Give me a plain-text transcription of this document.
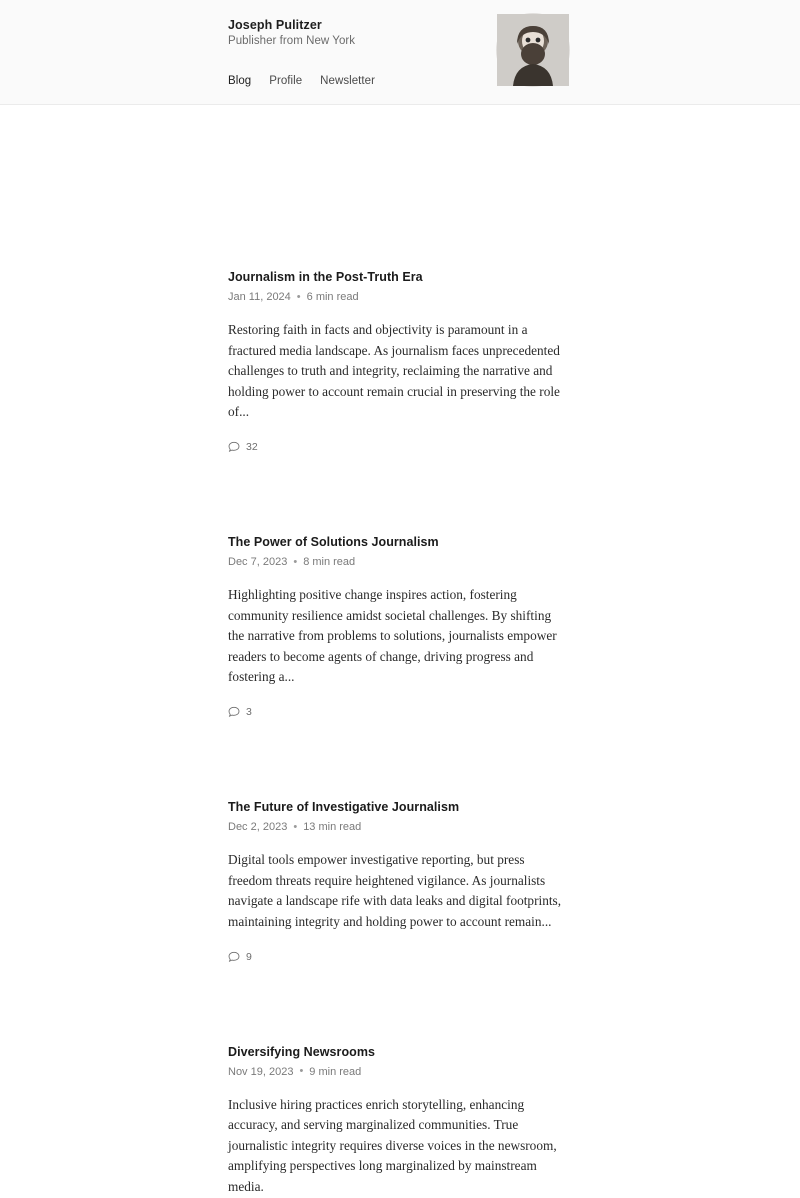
Joseph Pulitzer
Publisher from New York
Blog Profile Newsletter
Journalism in the Post-Truth Era
Jan 11, 2024 • 6 min read
Restoring faith in facts and objectivity is paramount in a fractured media landscape. As journalism faces unprecedented challenges to truth and integrity, reclaiming the narrative and holding power to account remain crucial in preserving the role of...
32
The Power of Solutions Journalism
Dec 7, 2023 • 8 min read
Highlighting positive change inspires action, fostering community resilience amidst societal challenges. By shifting the narrative from problems to solutions, journalists empower readers to become agents of change, driving progress and fostering a...
3
The Future of Investigative Journalism
Dec 2, 2023 • 13 min read
Digital tools empower investigative reporting, but press freedom threats require heightened vigilance. As journalists navigate a landscape rife with data leaks and digital footprints, maintaining integrity and holding power to account remain...
9
Diversifying Newsrooms
Nov 19, 2023 • 9 min read
Inclusive hiring practices enrich storytelling, enhancing accuracy, and serving marginalized communities. True journalistic integrity requires diverse voices in the newsroom, amplifying perspectives long marginalized by mainstream media.
